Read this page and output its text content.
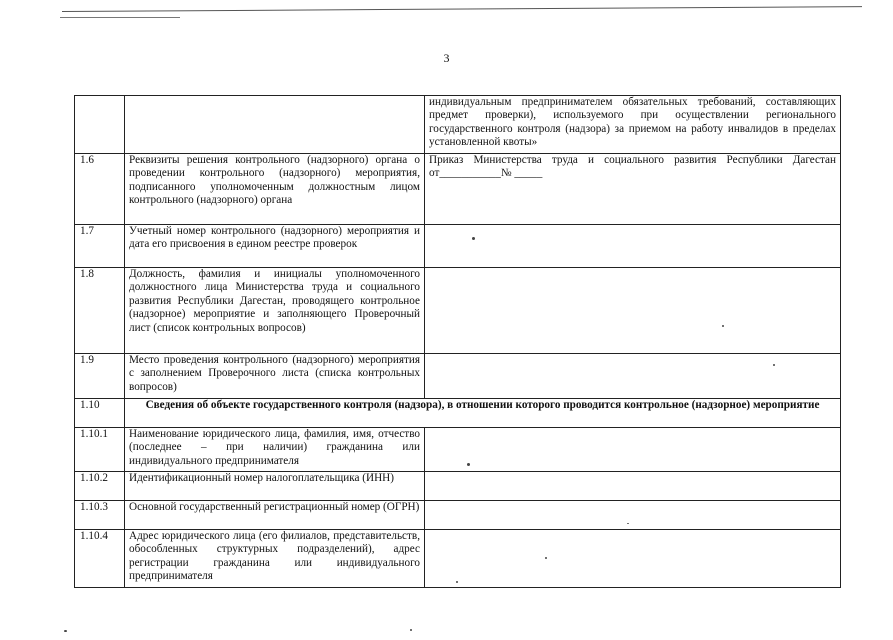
3
		индивидуальным предпринимателем обязательных требований, составляющих предмет проверки), используемого при осуществлении регионального государственного контроля (надзора) за приемом на работу инвалидов в пределах установленной квоты»
1.6	Реквизиты решения контрольного (надзорного) органа о проведении контрольного (надзорного) мероприятия, подписанного уполномоченным должностным лицом контрольного (надзорного) органа	Приказ Министерства труда и социального развития Республики Дагестан от___________№ _____
1.7	Учетный номер контрольного (надзорного) мероприятия и дата его присвоения в едином реестре проверок	
1.8	Должность, фамилия и инициалы уполномоченного должностного лица Министерства труда и социального развития Республики Дагестан, проводящего контрольное (надзорное) мероприятие и заполняющего Проверочный лист (список контрольных вопросов)	
1.9	Место проведения контрольного (надзорного) мероприятия с заполнением Проверочного листа (списка контрольных вопросов)	
1.10	Сведения об объекте государственного контроля (надзора), в отношении которого проводится контрольное (надзорное) мероприятие	
1.10.1	Наименование юридического лица, фамилия, имя, отчество (последнее – при наличии) гражданина или индивидуального предпринимателя	
1.10.2	Идентификационный номер налогоплательщика (ИНН)	
1.10.3	Основной государственный регистрационный номер (ОГРН)	
1.10.4	Адрес юридического лица (его филиалов, представительств, обособленных структурных подразделений), адрес регистрации гражданина или индивидуального предпринимателя	
